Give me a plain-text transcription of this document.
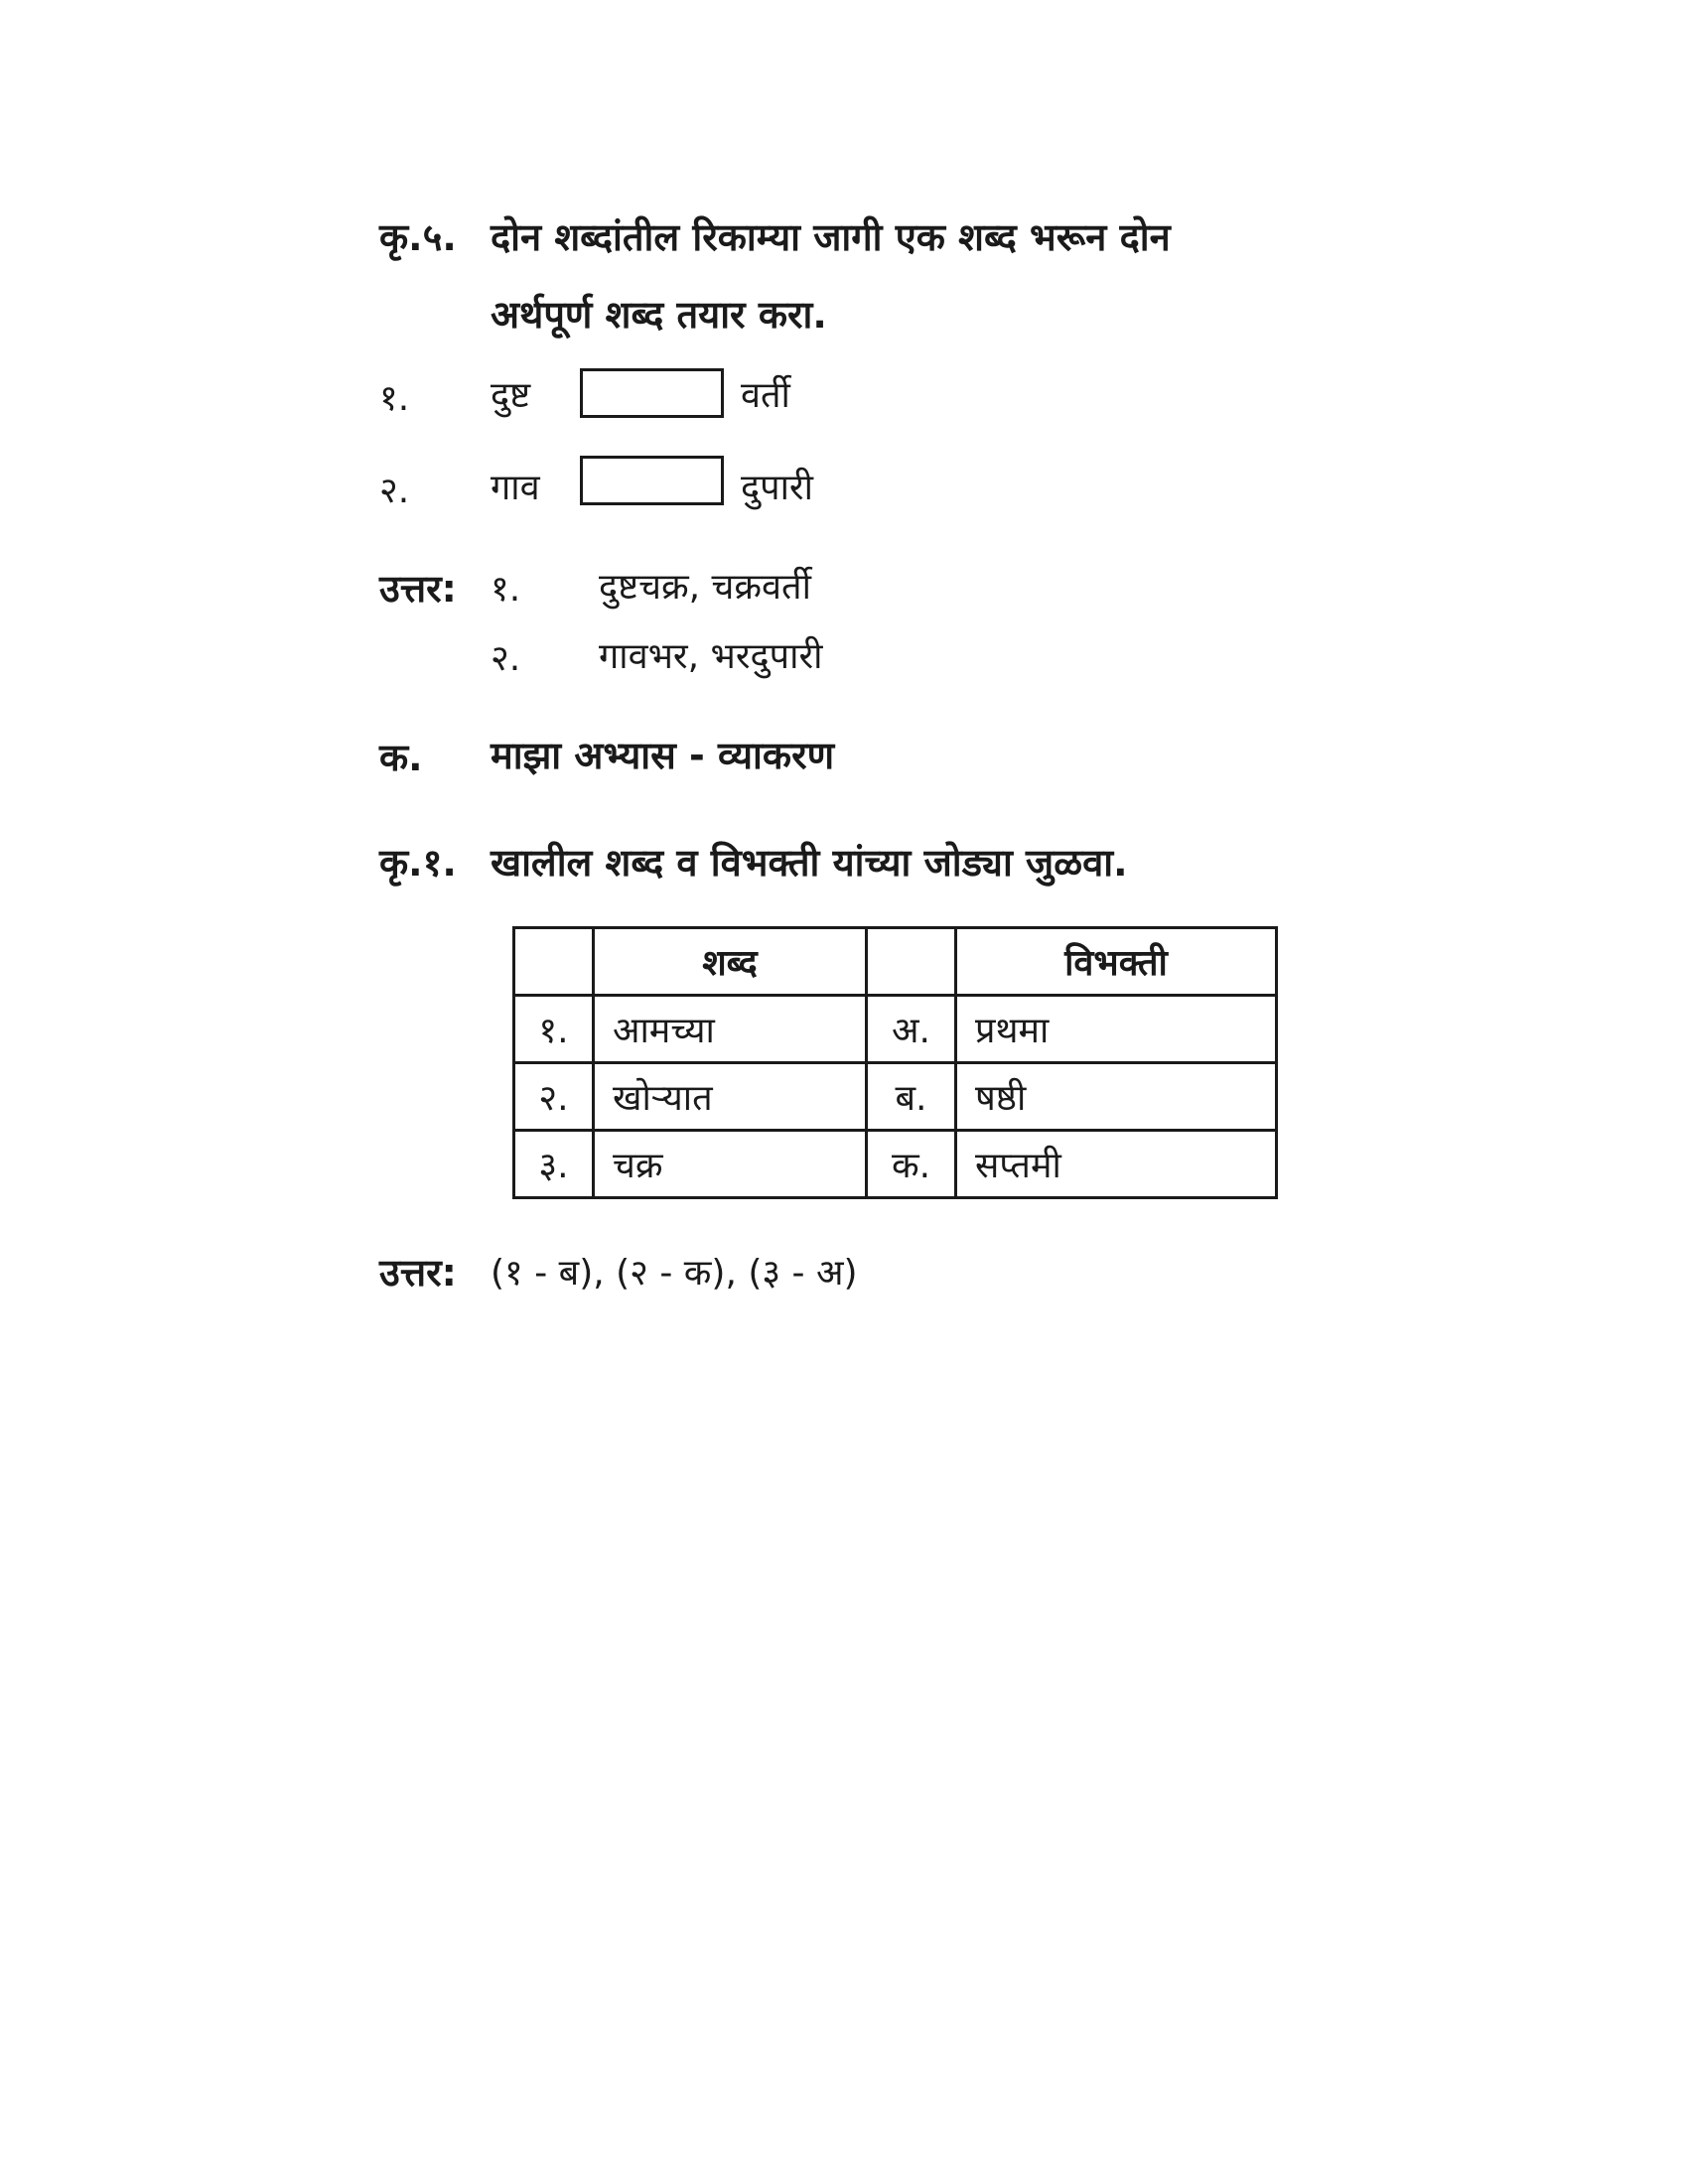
कृ.५. दोन शब्दांतील रिकाम्या जागी एक शब्द भरून दोन
अर्थपूर्ण शब्द तयार करा.
१. दुष्ट	वर्ती
२. गाव	दुपारी
उत्तर: १. दुष्टचक्र, चक्रवर्ती
२. गावभर, भरदुपारी
क. माझा अभ्यास - व्याकरण
कृ.१. खालील शब्द व विभक्ती यांच्या जोड्या जुळवा.
	शब्द		विभक्ती
१.	आमच्या	अ.	प्रथमा
२.	खोऱ्यात	ब.	षष्ठी
३.	चक्र	क.	सप्तमी
उत्तर: (१ - ब), (२ - क), (३ - अ)
